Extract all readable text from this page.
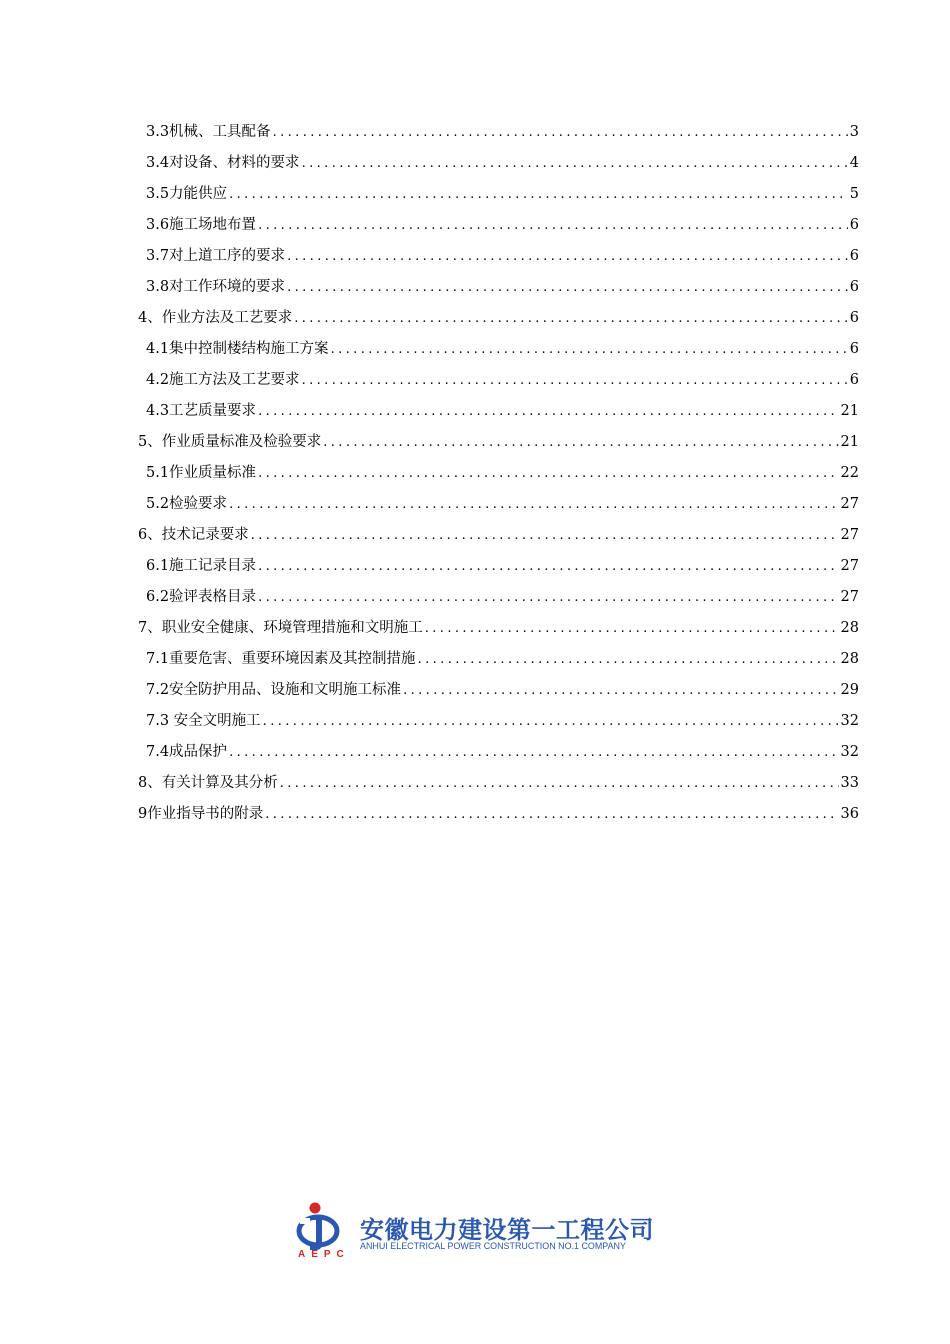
3.3机械、工具配备 .....	3
3.4对设备、材料的要求 .....	4
3.5力能供应 .....	5
3.6施工场地布置 .....	6
3.7对上道工序的要求 .....	6
3.8对工作环境的要求 .....	6
4、作业方法及工艺要求 .....	6
4.1集中控制楼结构施工方案 .....	6
4.2施工方法及工艺要求 .....	6
4.3工艺质量要求 .....	21
5、作业质量标准及检验要求 .....	21
5.1作业质量标准 .....	22
5.2检验要求 .....	27
6、技术记录要求 .....	27
6.1施工记录目录 .....	27
6.2验评表格目录 .....	27
7、职业安全健康、环境管理措施和文明施工 .....	28
7.1重要危害、重要环境因素及其控制措施 .....	28
7.2安全防护用品、设施和文明施工标准 .....	29
7.3 安全文明施工 .....	32
7.4成品保护 .....	32
8、有关计算及其分析 .....	33
9作业指导书的附录 .....	36
AEPC
安徽电力建设第一工程公司
ANHUI ELECTRICAL POWER CONSTRUCTION NO.1 COMPANY
